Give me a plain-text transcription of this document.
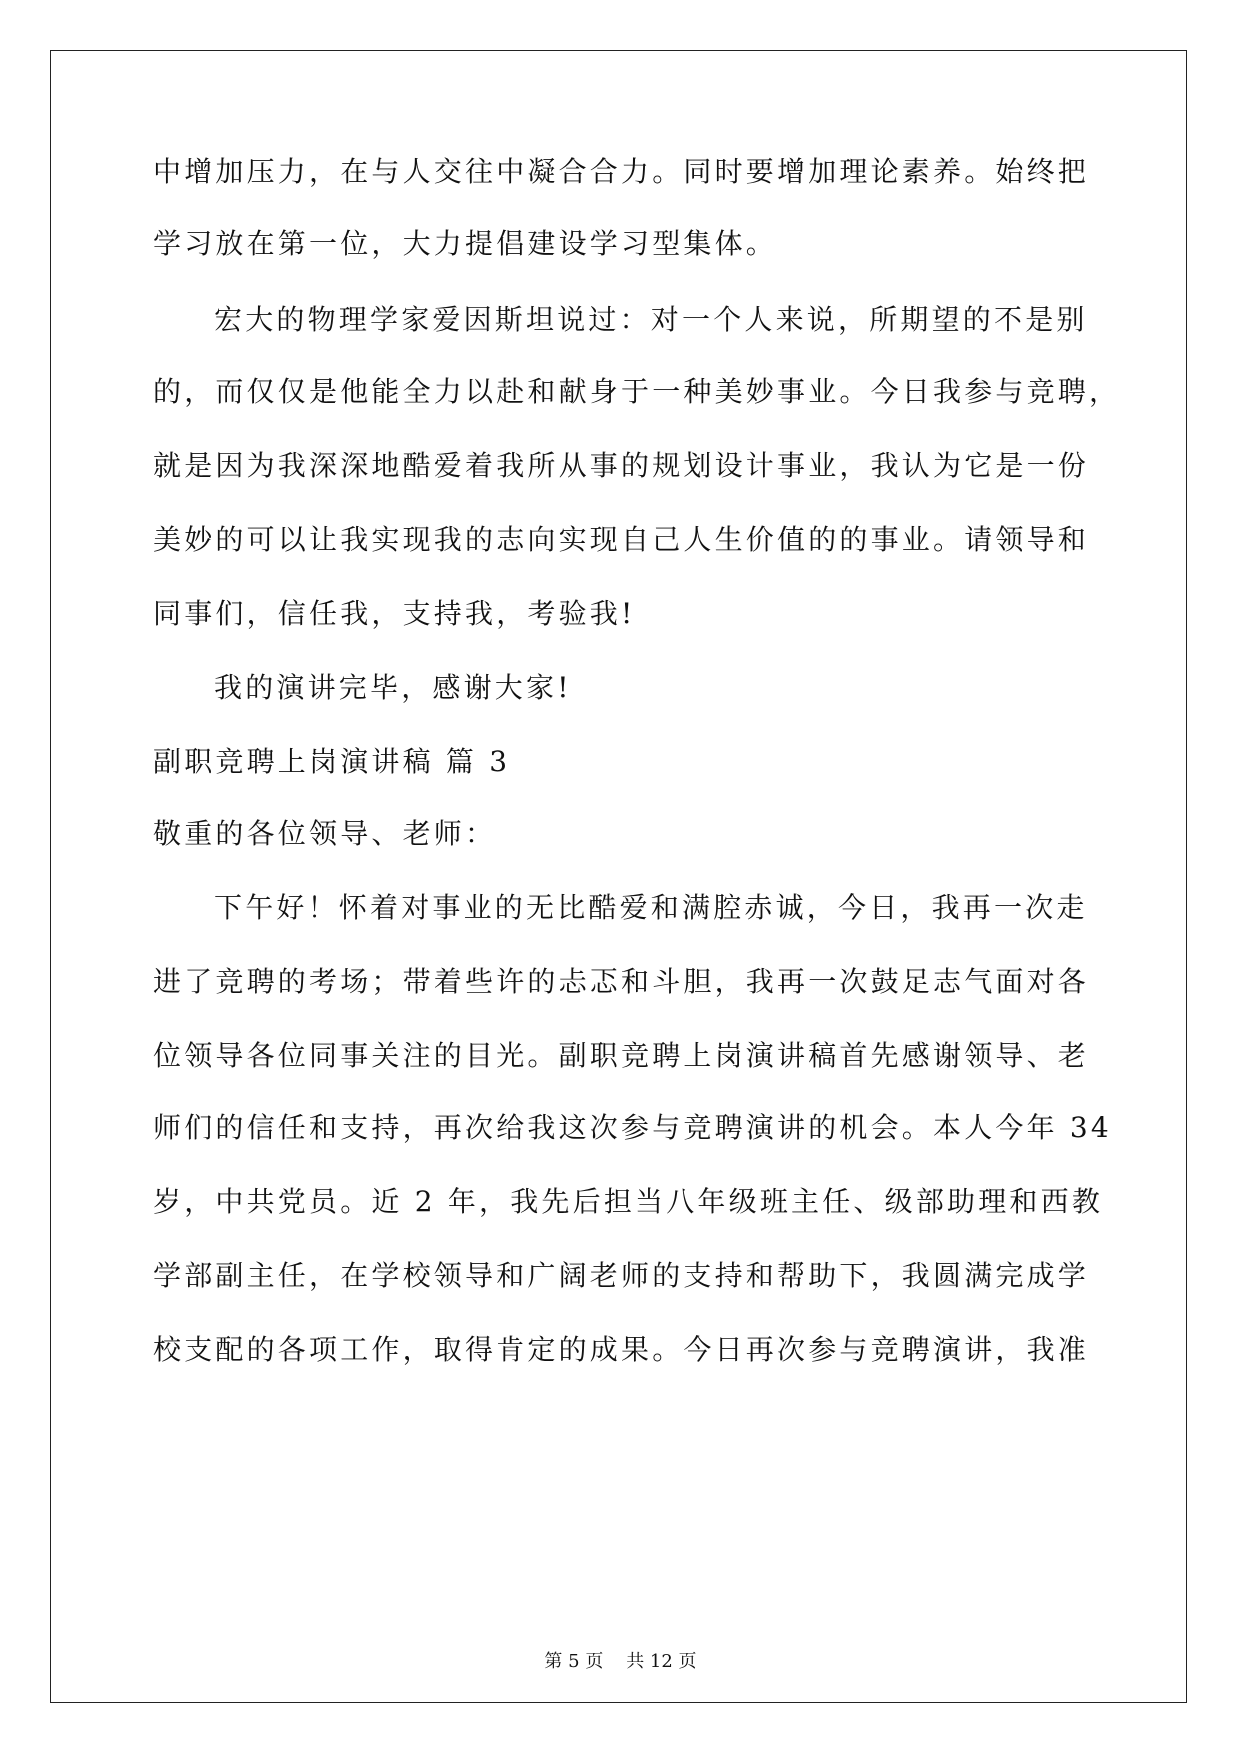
中增加压力，在与人交往中凝合合力。同时要增加理论素养。始终把
学习放在第一位，大力提倡建设学习型集体。
宏大的物理学家爱因斯坦说过：对一个人来说，所期望的不是别
的，而仅仅是他能全力以赴和献身于一种美妙事业。今日我参与竞聘，
就是因为我深深地酷爱着我所从事的规划设计事业，我认为它是一份
美妙的可以让我实现我的志向实现自己人生价值的的事业。请领导和
同事们，信任我，支持我，考验我!
我的演讲完毕，感谢大家!
副职竞聘上岗演讲稿 篇 3
敬重的各位领导、老师：
下午好！怀着对事业的无比酷爱和满腔赤诚，今日，我再一次走
进了竞聘的考场；带着些许的忐忑和斗胆，我再一次鼓足志气面对各
位领导各位同事关注的目光。副职竞聘上岗演讲稿首先感谢领导、老
师们的信任和支持，再次给我这次参与竞聘演讲的机会。本人今年 34
岁，中共党员。近 2 年，我先后担当八年级班主任、级部助理和西教
学部副主任，在学校领导和广阔老师的支持和帮助下，我圆满完成学
校支配的各项工作，取得肯定的成果。今日再次参与竞聘演讲，我准
第 5 页    共 12 页
